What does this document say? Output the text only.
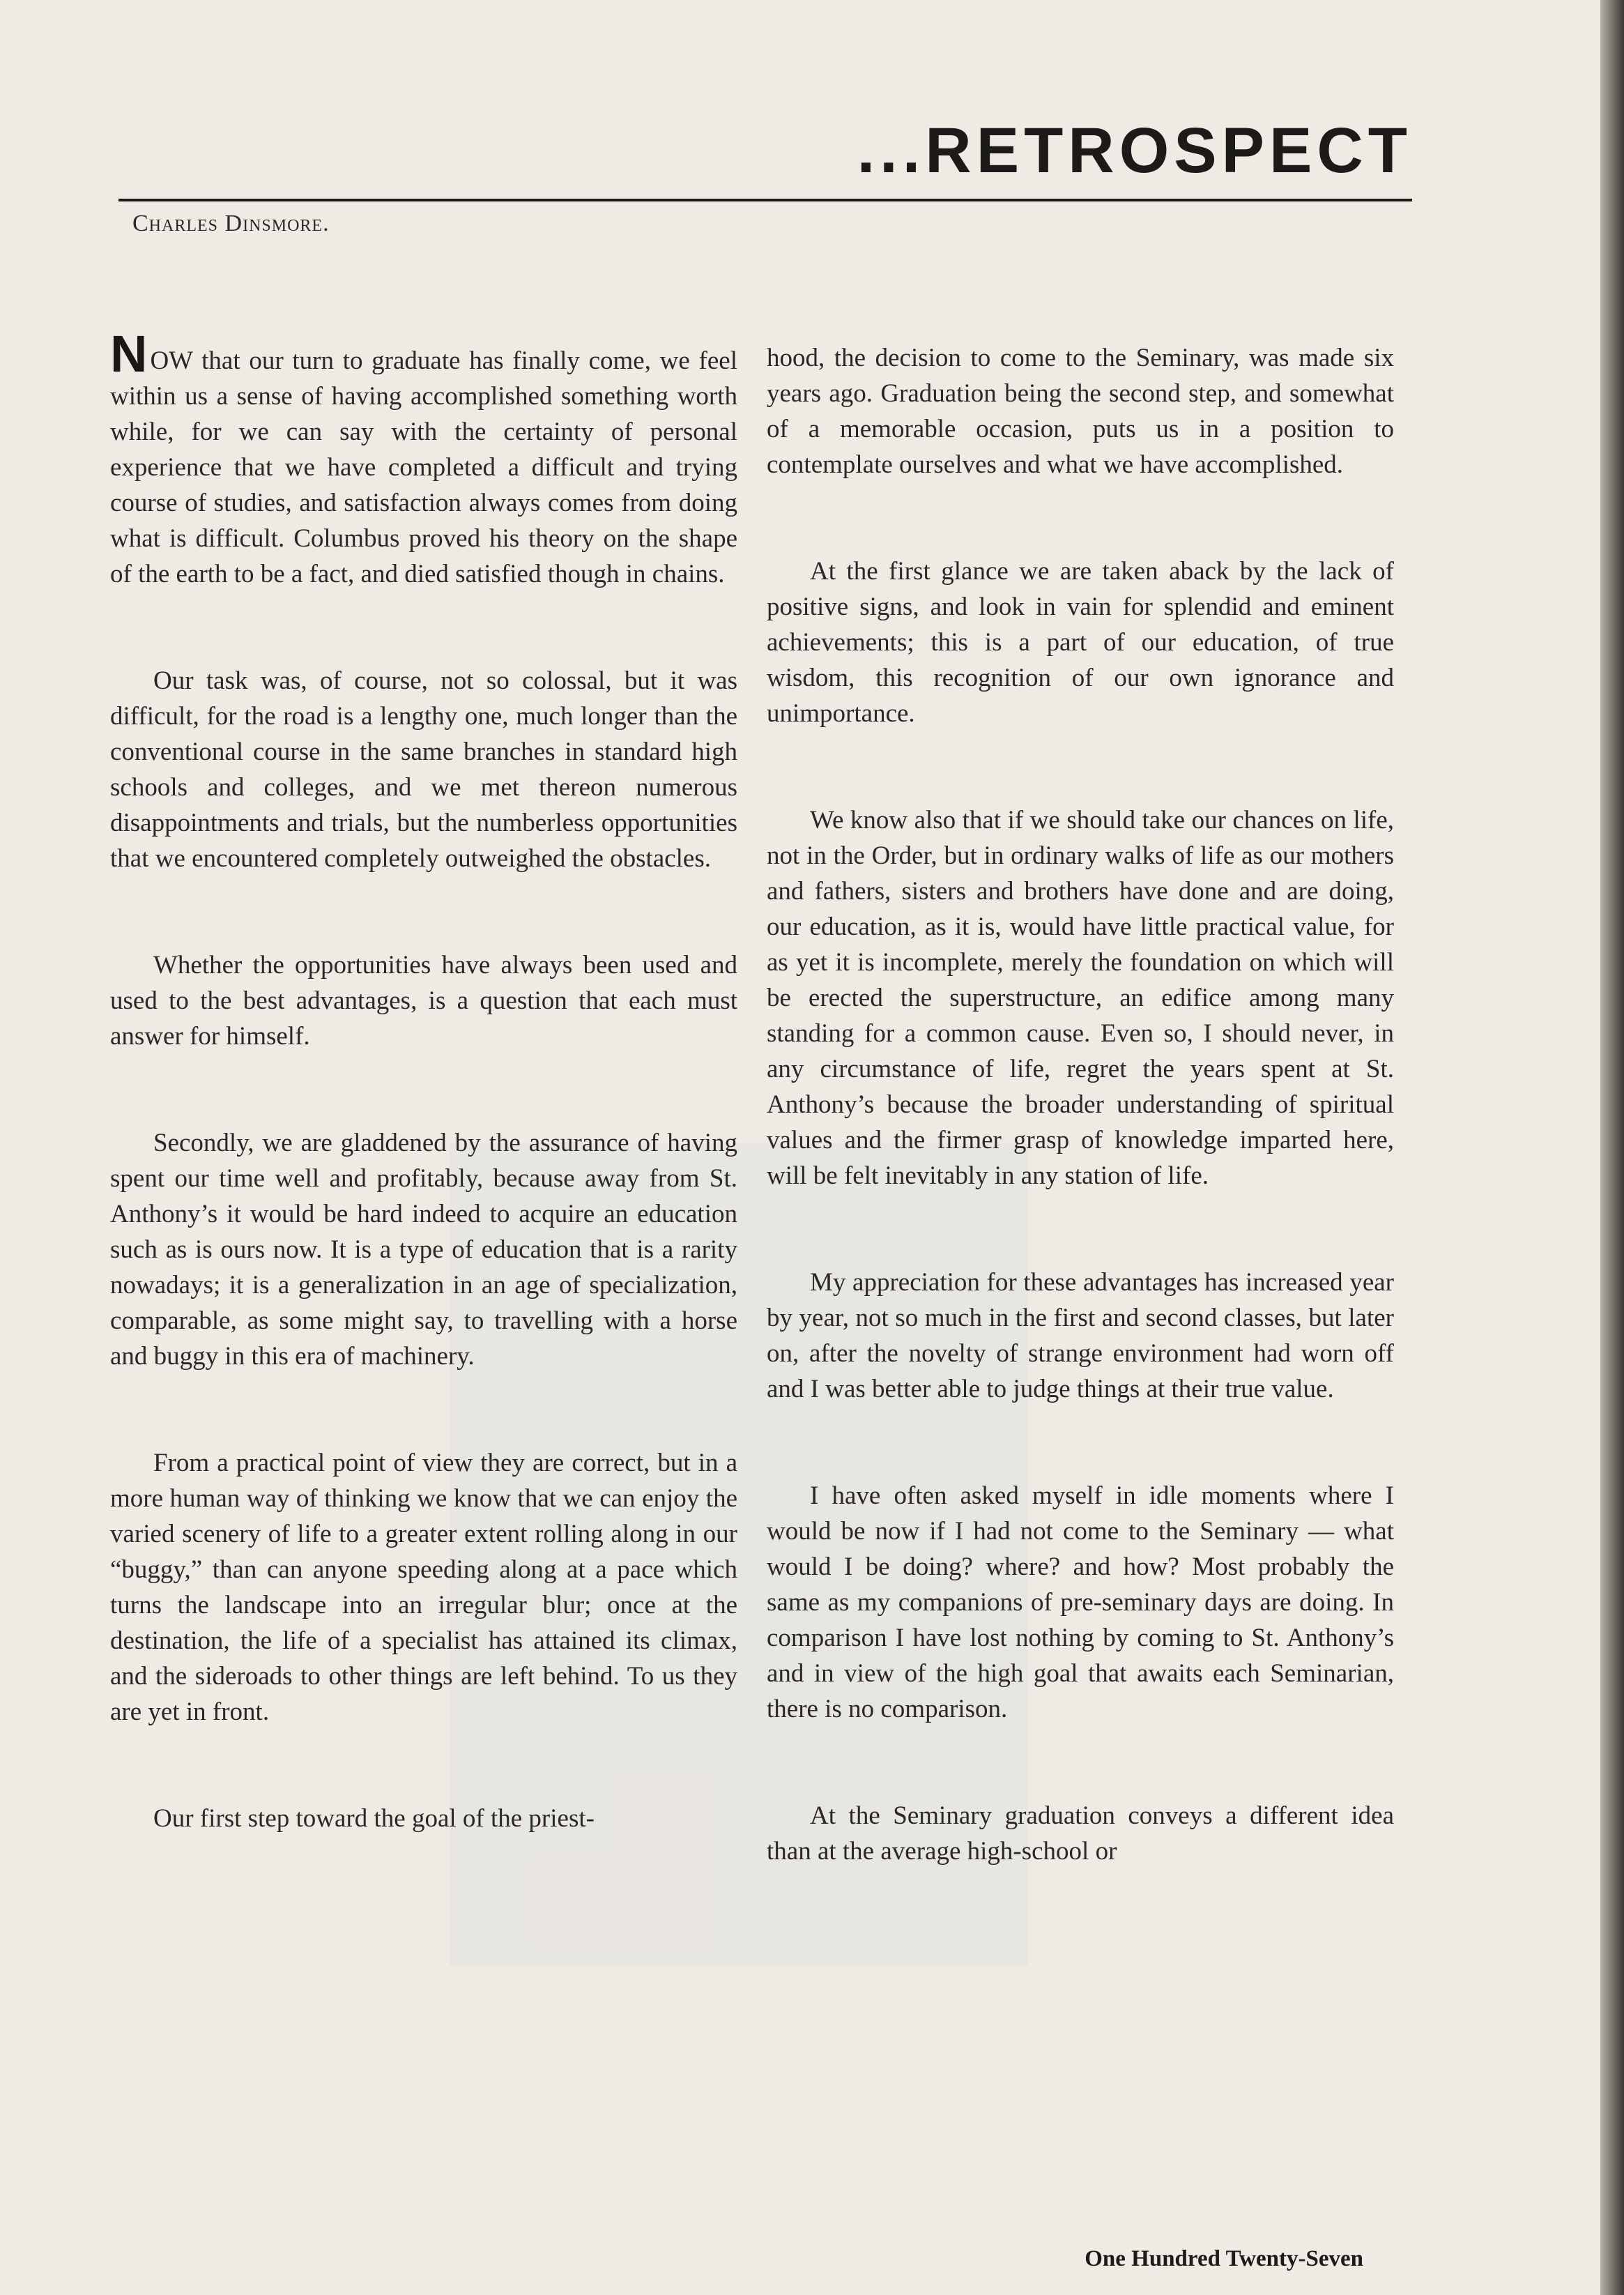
...RETROSPECT
Charles Dinsmore.

NOW that our turn to graduate has finally come, we feel within us a sense of having accomplished something worth while, for we can say with the certainty of personal experience that we have completed a difficult and trying course of studies, and satisfaction always comes from doing what is difficult. Columbus proved his theory on the shape of the earth to be a fact, and died satisfied though in chains.

Our task was, of course, not so colossal, but it was difficult, for the road is a lengthy one, much longer than the conventional course in the same branches in standard high schools and colleges, and we met thereon numerous disappointments and trials, but the numberless opportunities that we encountered completely outweighed the obstacles.

Whether the opportunities have always been used and used to the best advantages, is a question that each must answer for himself.

Secondly, we are gladdened by the assurance of having spent our time well and profitably, because away from St. Anthony’s it would be hard indeed to acquire an education such as is ours now. It is a type of education that is a rarity nowadays; it is a generalization in an age of specialization, comparable, as some might say, to travelling with a horse and buggy in this era of machinery.

From a practical point of view they are correct, but in a more human way of thinking we know that we can enjoy the varied scenery of life to a greater extent rolling along in our “buggy,” than can anyone speeding along at a pace which turns the landscape into an irregular blur; once at the destination, the life of a specialist has attained its climax, and the sideroads to other things are left behind. To us they are yet in front.

Our first step toward the goal of the priest-

hood, the decision to come to the Seminary, was made six years ago. Graduation being the second step, and somewhat of a memorable occasion, puts us in a position to contemplate ourselves and what we have accomplished.

At the first glance we are taken aback by the lack of positive signs, and look in vain for splendid and eminent achievements; this is a part of our education, of true wisdom, this recognition of our own ignorance and unimportance.

We know also that if we should take our chances on life, not in the Order, but in ordinary walks of life as our mothers and fathers, sisters and brothers have done and are doing, our education, as it is, would have little practical value, for as yet it is incomplete, merely the foundation on which will be erected the superstructure, an edifice among many standing for a common cause. Even so, I should never, in any circumstance of life, regret the years spent at St. Anthony’s because the broader understanding of spiritual values and the firmer grasp of knowledge imparted here, will be felt inevitably in any station of life.

My appreciation for these advantages has increased year by year, not so much in the first and second classes, but later on, after the novelty of strange environment had worn off and I was better able to judge things at their true value.

I have often asked myself in idle moments where I would be now if I had not come to the Seminary — what would I be doing? where? and how? Most probably the same as my companions of pre-seminary days are doing. In comparison I have lost nothing by coming to St. Anthony’s and in view of the high goal that awaits each Seminarian, there is no comparison.

At the Seminary graduation conveys a different idea than at the average high-school or

One Hundred Twenty-Seven
